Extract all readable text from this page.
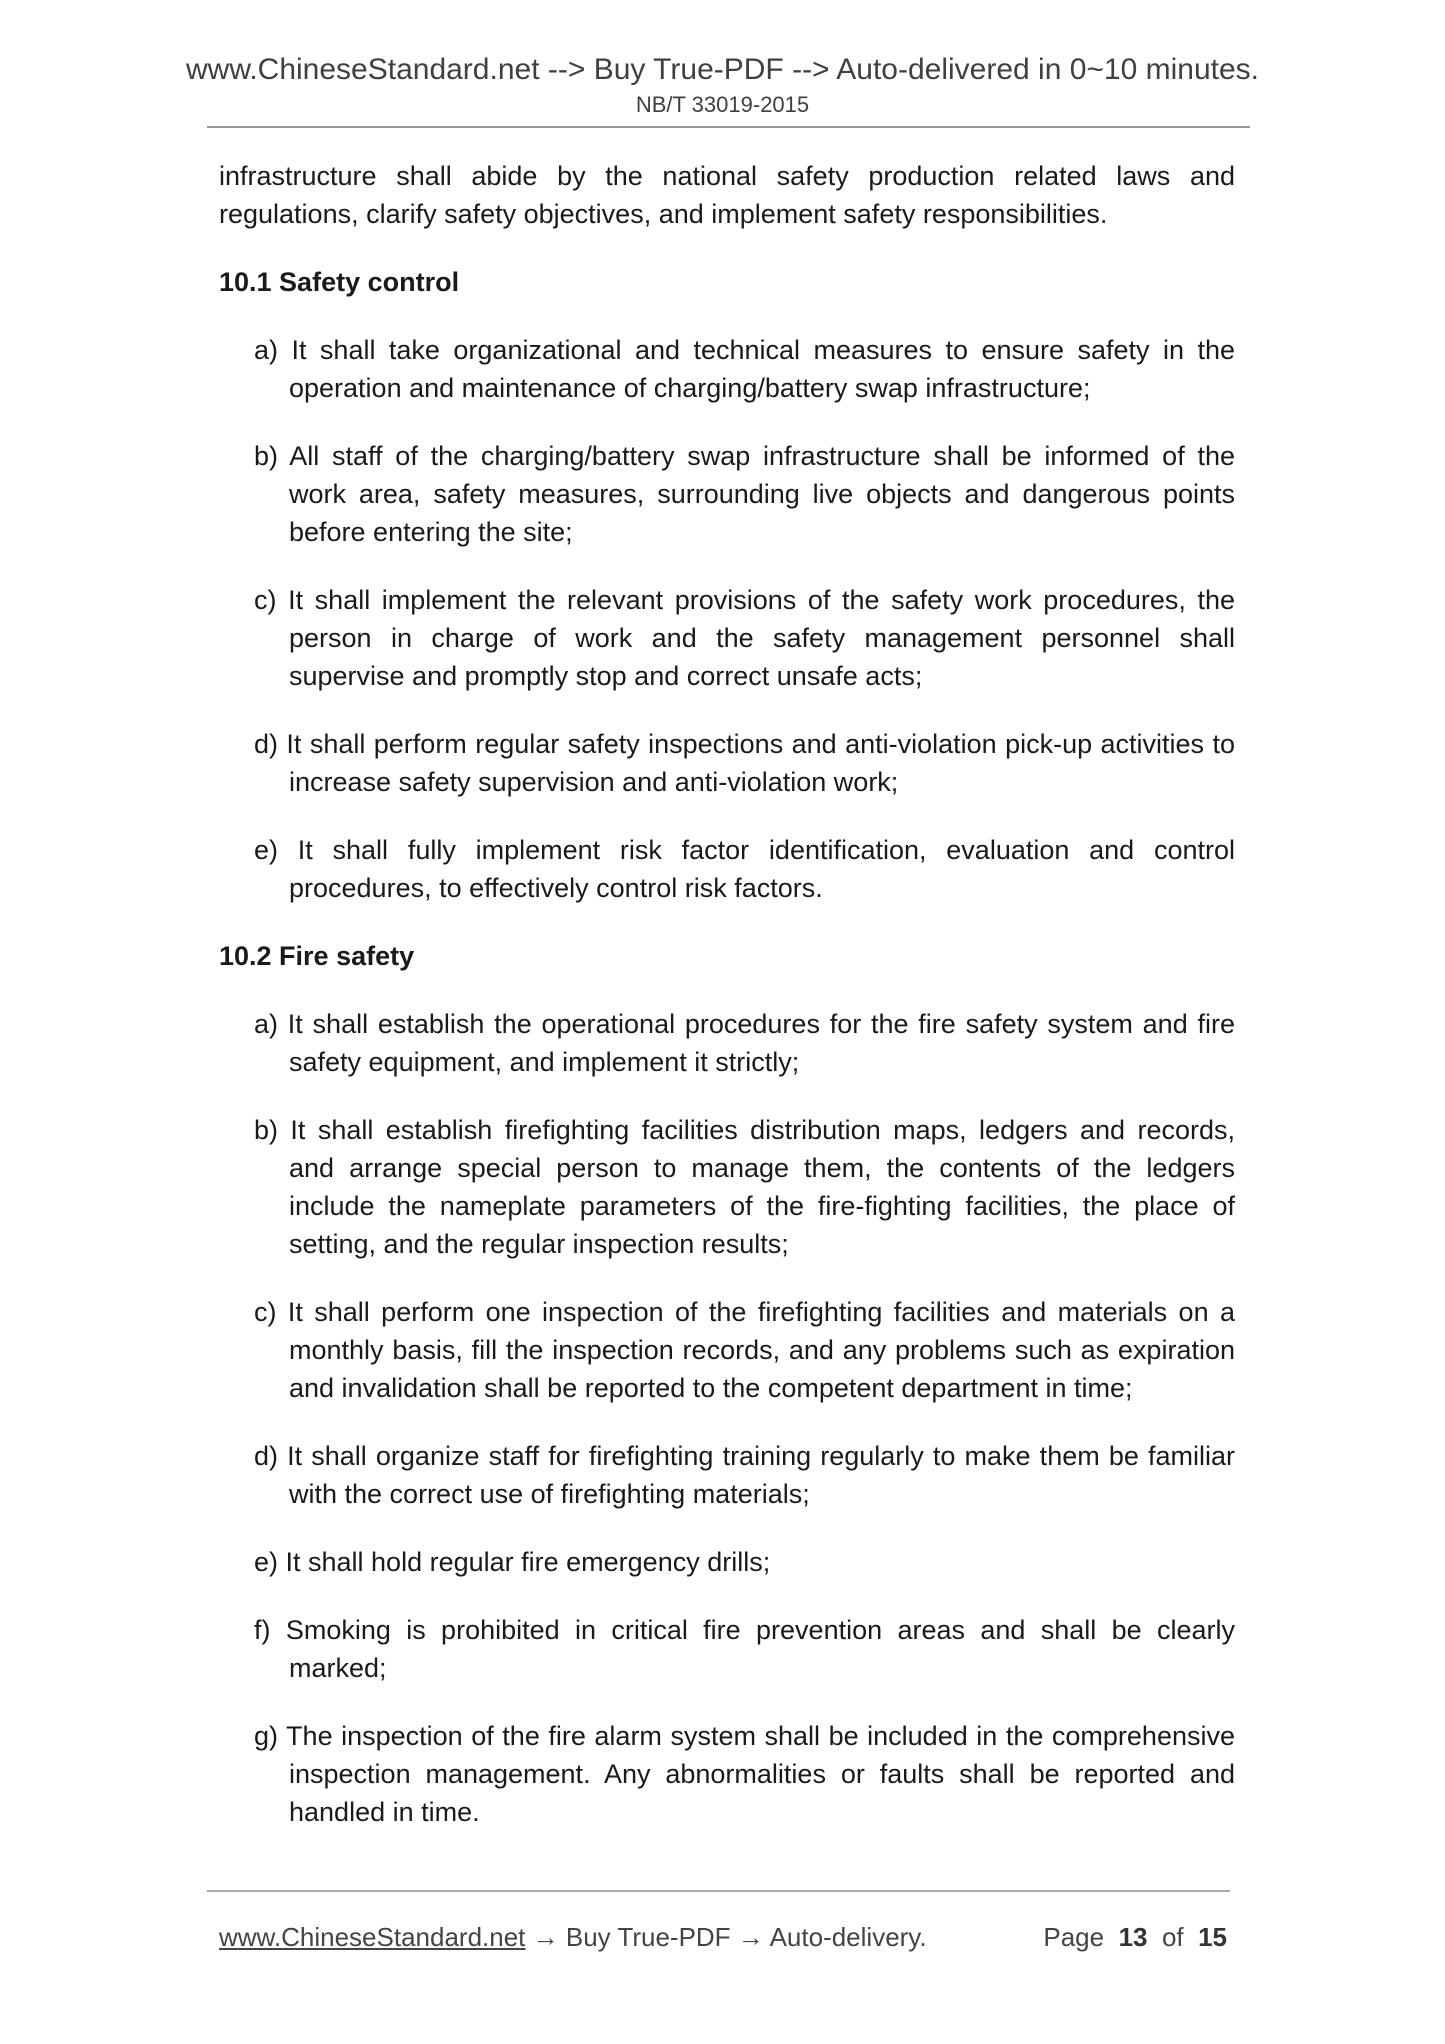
www.ChineseStandard.net --> Buy True-PDF --> Auto-delivered in 0~10 minutes.
NB/T 33019-2015

infrastructure shall abide by the national safety production related laws and regulations, clarify safety objectives, and implement safety responsibilities.

10.1 Safety control
a) It shall take organizational and technical measures to ensure safety in the operation and maintenance of charging/battery swap infrastructure;
b) All staff of the charging/battery swap infrastructure shall be informed of the work area, safety measures, surrounding live objects and dangerous points before entering the site;
c) It shall implement the relevant provisions of the safety work procedures, the person in charge of work and the safety management personnel shall supervise and promptly stop and correct unsafe acts;
d) It shall perform regular safety inspections and anti-violation pick-up activities to increase safety supervision and anti-violation work;
e) It shall fully implement risk factor identification, evaluation and control procedures, to effectively control risk factors.
10.2 Fire safety
a) It shall establish the operational procedures for the fire safety system and fire safety equipment, and implement it strictly;
b) It shall establish firefighting facilities distribution maps, ledgers and records, and arrange special person to manage them, the contents of the ledgers include the nameplate parameters of the fire-fighting facilities, the place of setting, and the regular inspection results;
c) It shall perform one inspection of the firefighting facilities and materials on a monthly basis, fill the inspection records, and any problems such as expiration and invalidation shall be reported to the competent department in time;
d) It shall organize staff for firefighting training regularly to make them be familiar with the correct use of firefighting materials;
e) It shall hold regular fire emergency drills;
f) Smoking is prohibited in critical fire prevention areas and shall be clearly marked;
g) The inspection of the fire alarm system shall be included in the comprehensive inspection management. Any abnormalities or faults shall be reported and handled in time.
www.ChineseStandard.net → Buy True-PDF → Auto-delivery.	Page 13 of 15
